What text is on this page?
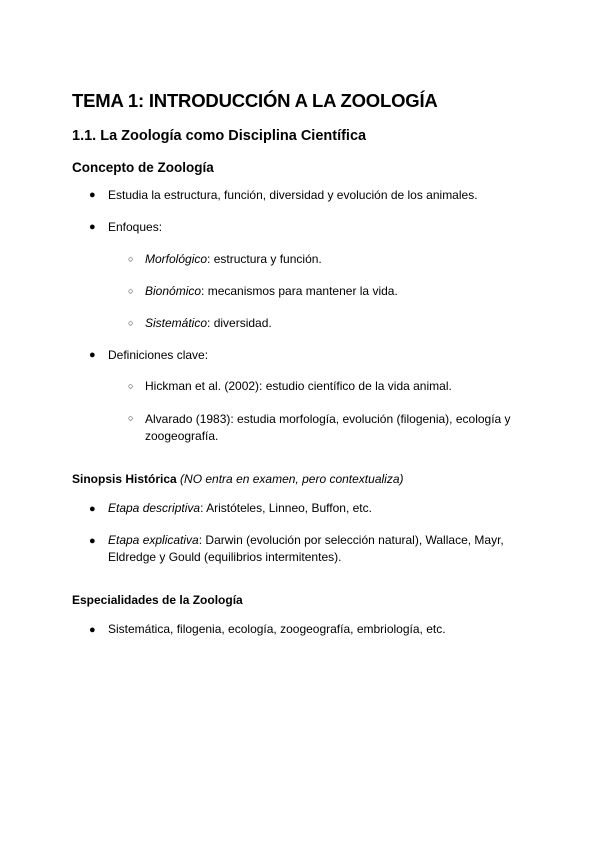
TEMA 1: INTRODUCCIÓN A LA ZOOLOGÍA
1.1. La Zoología como Disciplina Científica
Concepto de Zoología
● Estudia la estructura, función, diversidad y evolución de los animales.
● Enfoques:
○ Morfológico: estructura y función.
○ Bionómico: mecanismos para mantener la vida.
○ Sistemático: diversidad.
● Definiciones clave:
○ Hickman et al. (2002): estudio científico de la vida animal.
○ Alvarado (1983): estudia morfología, evolución (filogenia), ecología y
zoogeografía.
Sinopsis Histórica (NO entra en examen, pero contextualiza)
● Etapa descriptiva: Aristóteles, Linneo, Buffon, etc.
● Etapa explicativa: Darwin (evolución por selección natural), Wallace, Mayr,
Eldredge y Gould (equilibrios intermitentes).
Especialidades de la Zoología
● Sistemática, filogenia, ecología, zoogeografía, embriología, etc.
